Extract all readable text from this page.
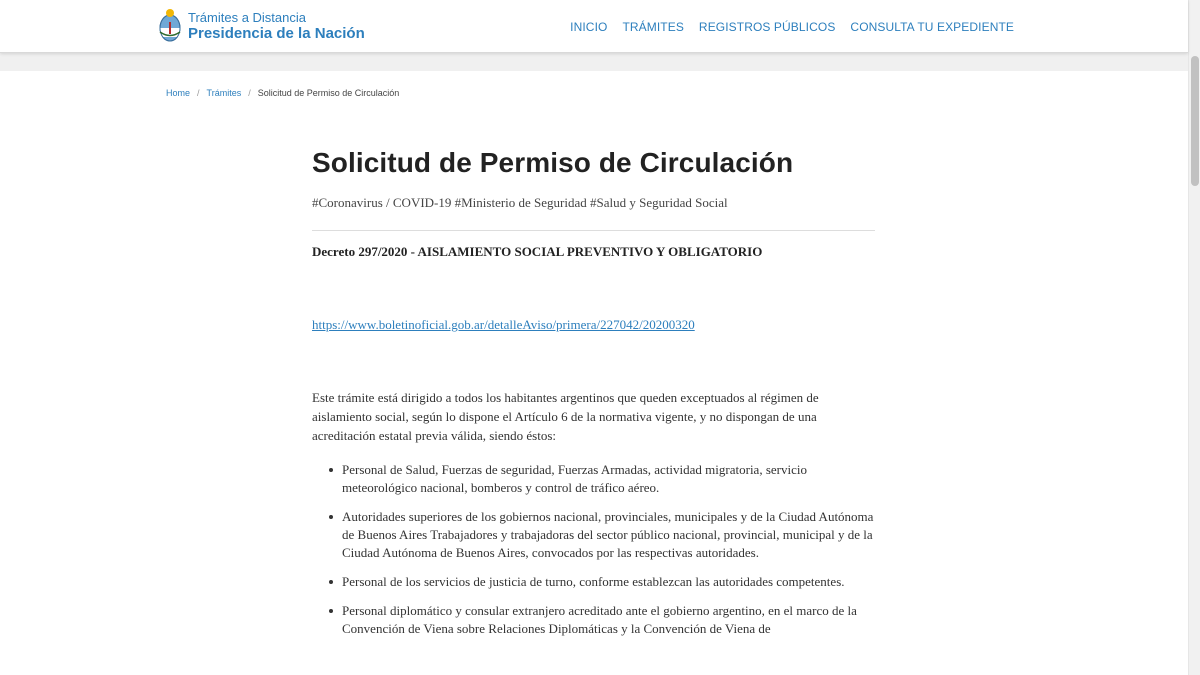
Trámites a Distancia
Presidencia de la Nación	INICIO TRÁMITES REGISTROS PÚBLICOS CONSULTA TU EXPEDIENTE
Home / Trámites / Solicitud de Permiso de Circulación
Solicitud de Permiso de Circulación

#Coronavirus / COVID-19 #Ministerio de Seguridad #Salud y Seguridad Social

Decreto 297/2020 - AISLAMIENTO SOCIAL PREVENTIVO Y OBLIGATORIO

https://www.boletinoficial.gob.ar/detalleAviso/primera/227042/20200320

Este trámite está dirigido a todos los habitantes argentinos que queden exceptuados al régimen de aislamiento social, según lo dispone el Artículo 6 de la normativa vigente, y no dispongan de una acreditación estatal previa válida, siendo éstos:

Personal de Salud, Fuerzas de seguridad, Fuerzas Armadas, actividad migratoria, servicio meteorológico nacional, bomberos y control de tráfico aéreo.
Autoridades superiores de los gobiernos nacional, provinciales, municipales y de la Ciudad Autónoma de Buenos Aires Trabajadores y trabajadoras del sector público nacional, provincial, municipal y de la Ciudad Autónoma de Buenos Aires, convocados por las respectivas autoridades.
Personal de los servicios de justicia de turno, conforme establezcan las autoridades competentes.
Personal diplomático y consular extranjero acreditado ante el gobierno argentino, en el marco de la Convención de Viena sobre Relaciones Diplomáticas y la Convención de Viena de
